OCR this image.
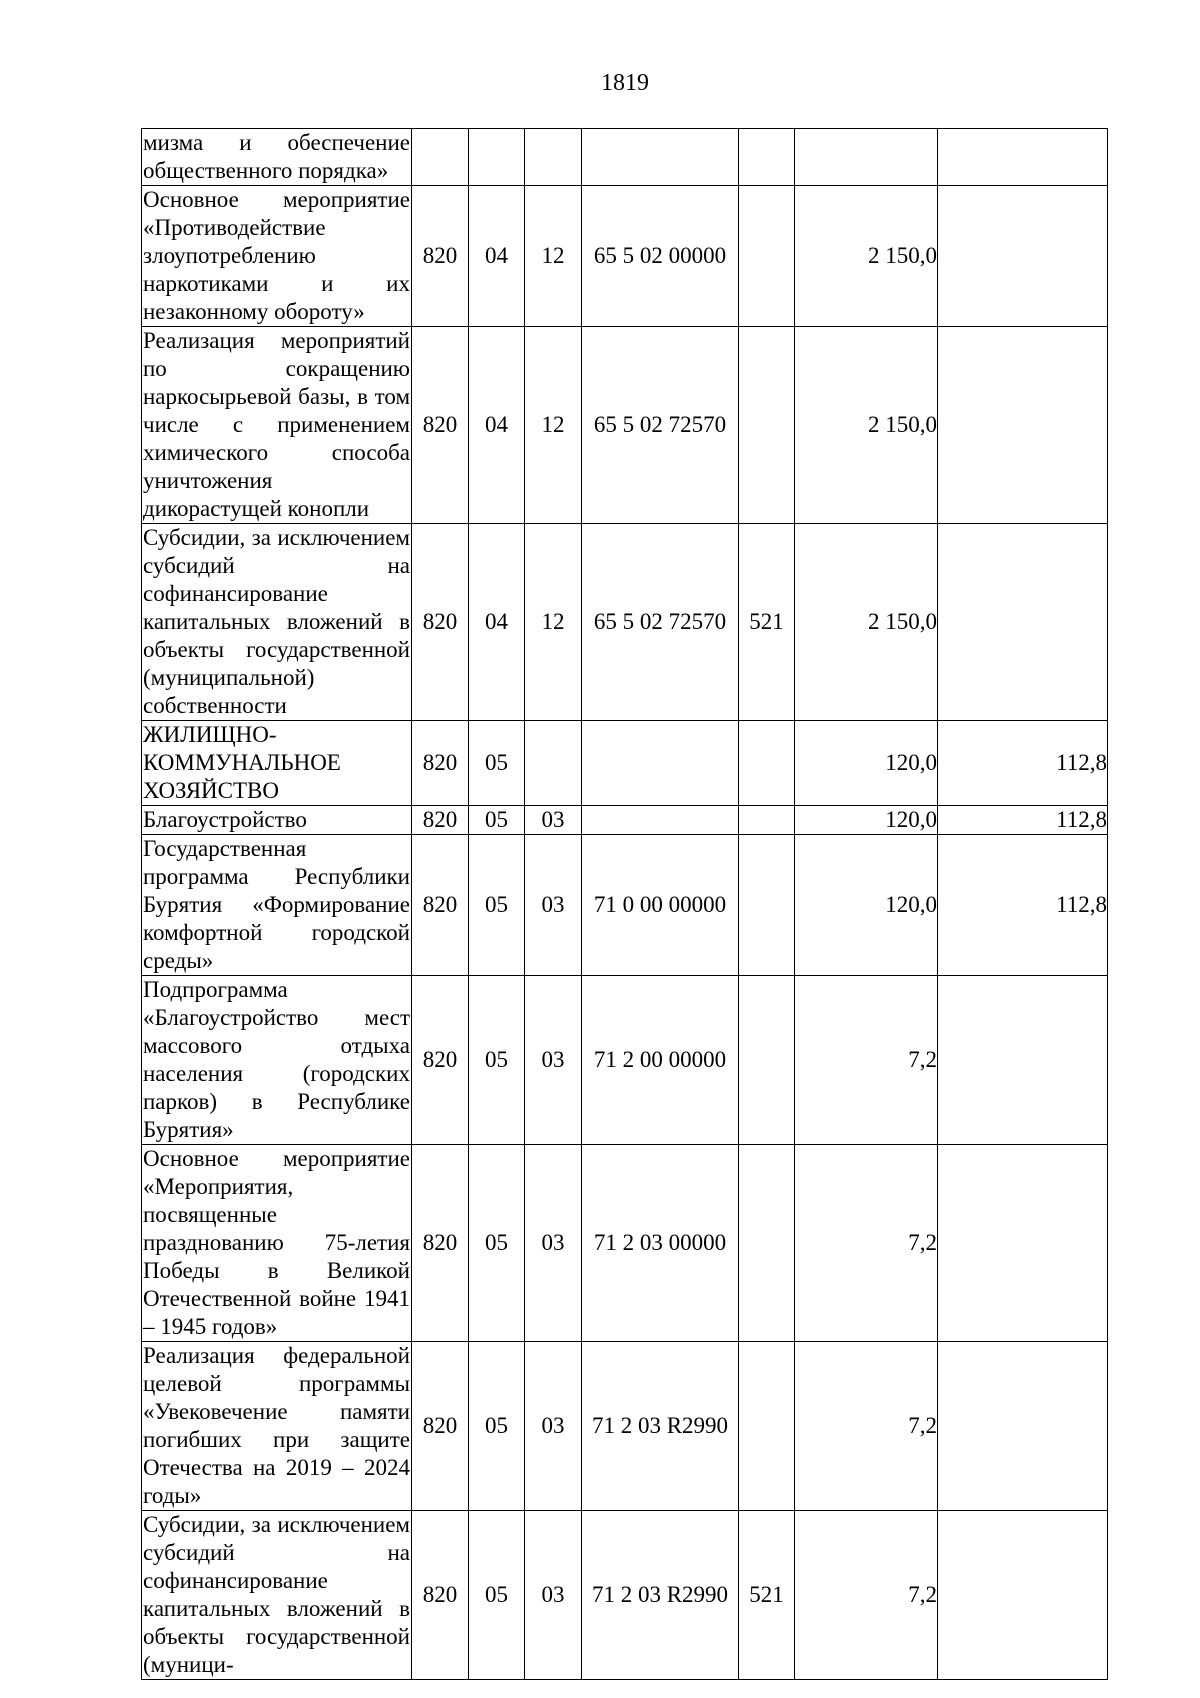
1819
мизма и обеспечение общественного порядка»							
Основное мероприятие «Противодействие злоупотреблению наркотиками и их незаконному обороту»	820	04	12	65 5 02 00000		2 150,0	
Реализация мероприятий по сокращению наркосырьевой базы, в том числе с применением химического способа уничтожения дикорастущей конопли	820	04	12	65 5 02 72570		2 150,0	
Субсидии, за исключением субсидий на софинансирование капитальных вложений в объекты государственной (муниципальной) собственности	820	04	12	65 5 02 72570	521	2 150,0	
ЖИЛИЩНО-КОММУНАЛЬНОЕ ХОЗЯЙСТВО	820	05				120,0	112,8
Благоустройство	820	05	03			120,0	112,8
Государственная программа Республики Бурятия «Формирование комфортной городской среды»	820	05	03	71 0 00 00000		120,0	112,8
Подпрограмма «Благоустройство мест массового отдыха населения (городских парков) в Республике Бурятия»	820	05	03	71 2 00 00000		7,2	
Основное мероприятие «Мероприятия, посвященные празднованию 75-летия Победы в Великой Отечественной войне 1941 – 1945 годов»	820	05	03	71 2 03 00000		7,2	
Реализация федеральной целевой программы «Увековечение памяти погибших при защите Отечества на 2019 – 2024 годы»	820	05	03	71 2 03 R2990		7,2	
Субсидии, за исключением субсидий на софинансирование капитальных вложений в объекты государственной (муници-	820	05	03	71 2 03 R2990	521	7,2	
